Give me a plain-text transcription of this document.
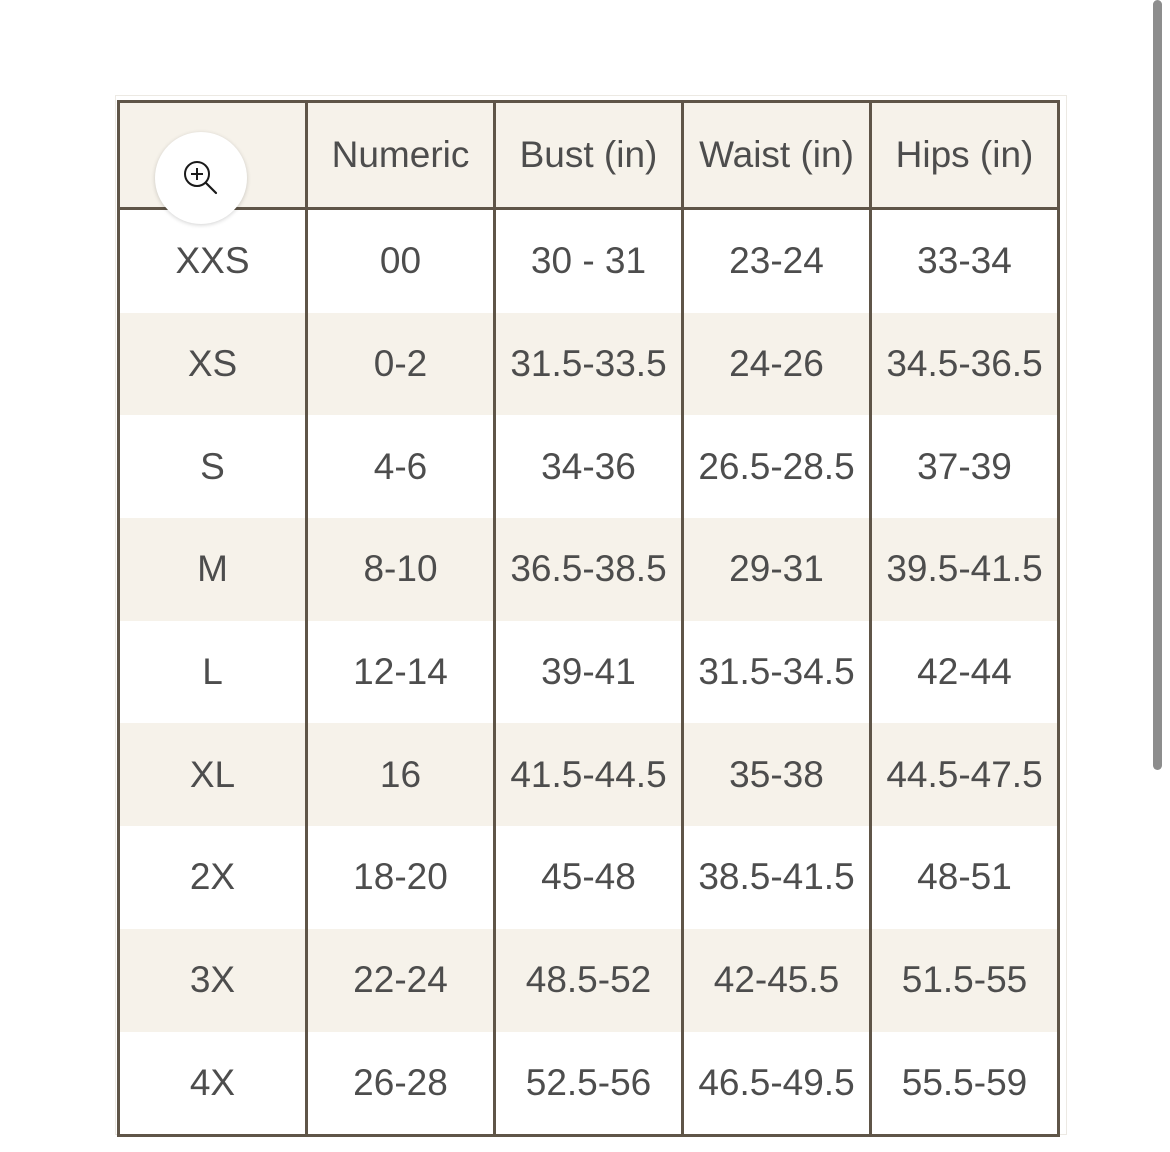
	Numeric	Bust (in)	Waist (in)	Hips (in)
XXS	00	30 - 31	23-24	33-34
XS	0-2	31.5-33.5	24-26	34.5-36.5
S	4-6	34-36	26.5-28.5	37-39
M	8-10	36.5-38.5	29-31	39.5-41.5
L	12-14	39-41	31.5-34.5	42-44
XL	16	41.5-44.5	35-38	44.5-47.5
2X	18-20	45-48	38.5-41.5	48-51
3X	22-24	48.5-52	42-45.5	51.5-55
4X	26-28	52.5-56	46.5-49.5	55.5-59
